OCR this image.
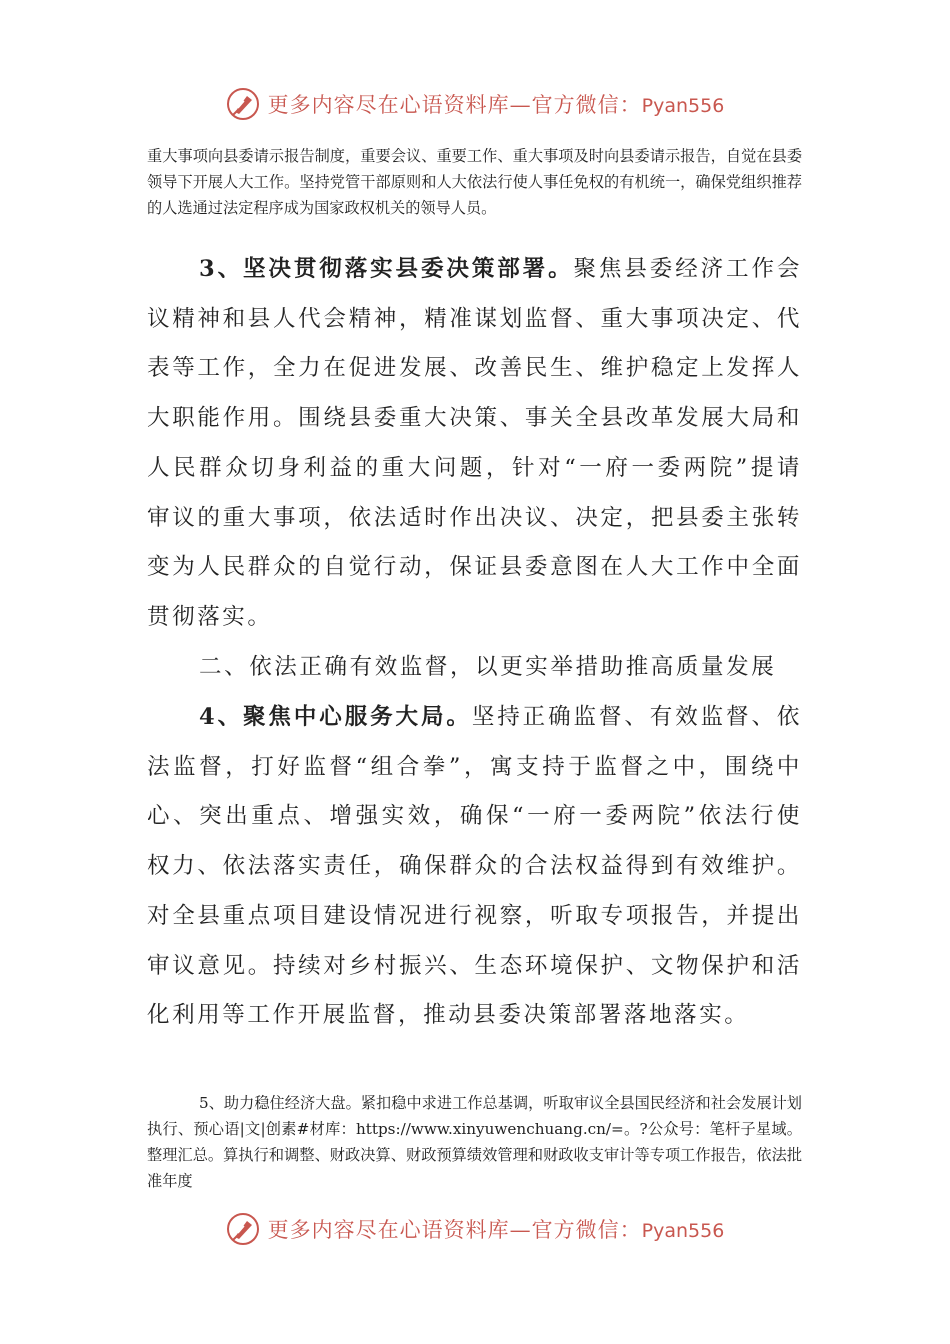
更多内容尽在心语资料库—官方微信：Pyan556

重大事项向县委请示报告制度，重要会议、重要工作、重大事项及时向县委请示报告，自觉在县委领导下开展人大工作。坚持党管干部原则和人大依法行使人事任免权的有机统一，确保党组织推荐的人选通过法定程序成为国家政权机关的领导人员。

3、坚决贯彻落实县委决策部署。聚焦县委经济工作会议精神和县人代会精神，精准谋划监督、重大事项决定、代表等工作，全力在促进发展、改善民生、维护稳定上发挥人大职能作用。围绕县委重大决策、事关全县改革发展大局和人民群众切身利益的重大问题，针对“一府一委两院”提请审议的重大事项，依法适时作出决议、决定，把县委主张转变为人民群众的自觉行动，保证县委意图在人大工作中全面贯彻落实。

二、依法正确有效监督，以更实举措助推高质量发展

4、聚焦中心服务大局。坚持正确监督、有效监督、依法监督，打好监督“组合拳”，寓支持于监督之中，围绕中心、突出重点、增强实效，确保“一府一委两院”依法行使权力、依法落实责任，确保群众的合法权益得到有效维护。对全县重点项目建设情况进行视察，听取专项报告，并提出审议意见。持续对乡村振兴、生态环境保护、文物保护和活化利用等工作开展监督，推动县委决策部署落地落实。

5、助力稳住经济大盘。紧扣稳中求进工作总基调，听取审议全县国民经济和社会发展计划执行、预心语|文|创素#材库：https://www.xinyuwenchuang.cn/=。?公众号：笔杆子星域。整理汇总。算执行和调整、财政决算、财政预算绩效管理和财政收支审计等专项工作报告，依法批准年度

更多内容尽在心语资料库—官方微信：Pyan556
